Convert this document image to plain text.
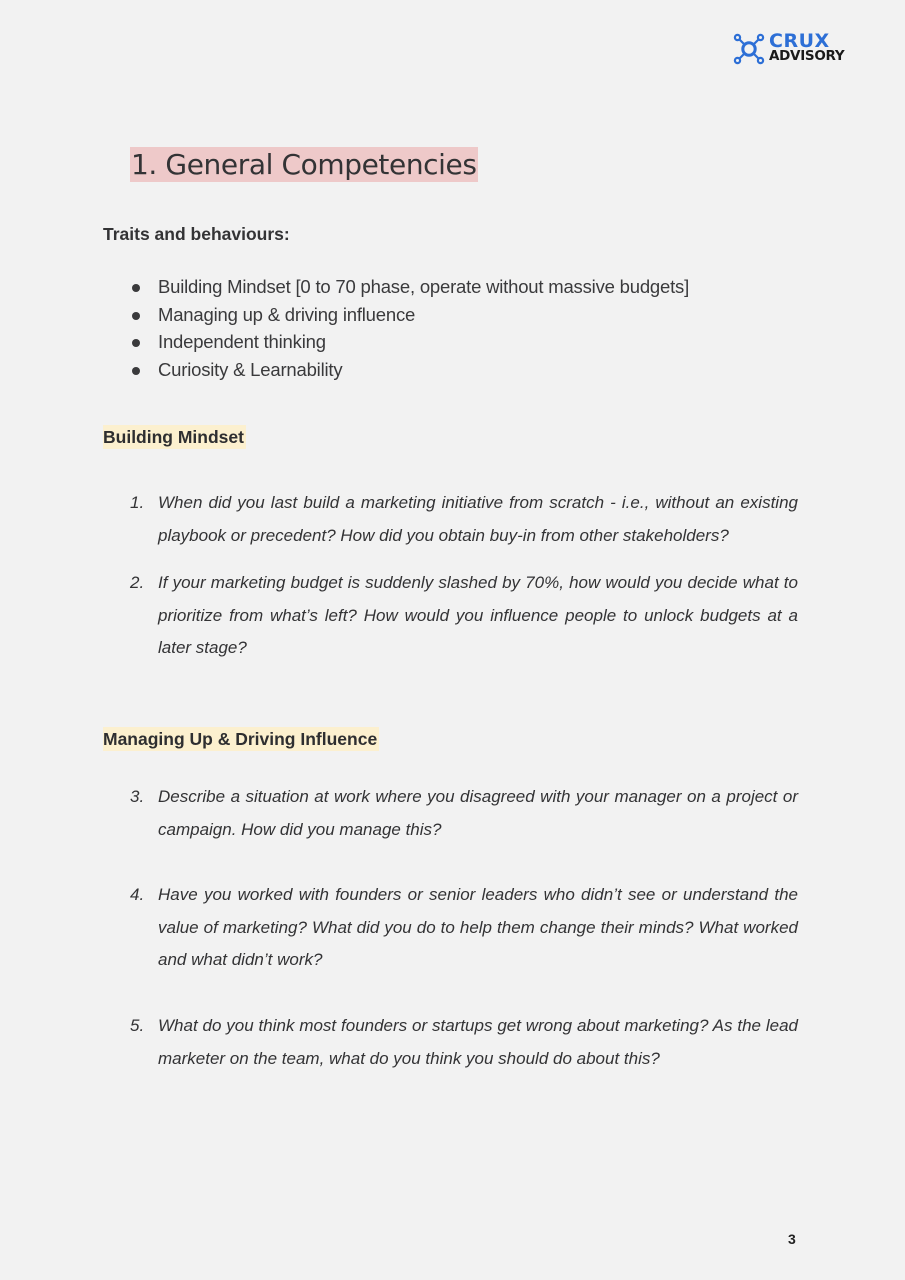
CRUX
ADVISORY
1. General Competencies
Traits and behaviours:
Building Mindset [0 to 70 phase, operate without massive budgets]
Managing up & driving influence
Independent thinking
Curiosity & Learnability
Building Mindset
1. When did you last build a marketing initiative from scratch - i.e., without an existing playbook or precedent? How did you obtain buy-in from other stakeholders?
2. If your marketing budget is suddenly slashed by 70%, how would you decide what to prioritize from what’s left? How would you influence people to unlock budgets at a later stage?
Managing Up & Driving Influence
3. Describe a situation at work where you disagreed with your manager on a project or campaign. How did you manage this?
4. Have you worked with founders or senior leaders who didn’t see or understand the value of marketing? What did you do to help them change their minds? What worked and what didn’t work?
5. What do you think most founders or startups get wrong about marketing? As the lead marketer on the team, what do you think you should do about this?
3
